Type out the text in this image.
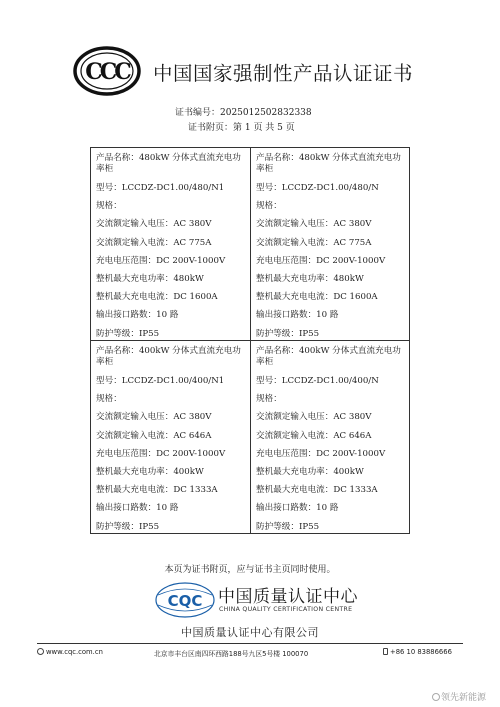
CCC 中国国家强制性产品认证证书
证书编号：2025012502832338
证书附页：第 1 页 共 5 页
产品名称：480kW 分体式直流充电功率柜
型号：LCCDZ-DC1.00/480/N1
规格：
交流额定输入电压：AC 380V
交流额定输入电流：AC 775A
充电电压范围：DC 200V-1000V
整机最大充电功率：480kW
整机最大充电电流：DC 1600A
输出接口路数：10 路
防护等级：IP55
产品名称：480kW 分体式直流充电功率柜
型号：LCCDZ-DC1.00/480/N
规格：
交流额定输入电压：AC 380V
交流额定输入电流：AC 775A
充电电压范围：DC 200V-1000V
整机最大充电功率：480kW
整机最大充电电流：DC 1600A
输出接口路数：10 路
防护等级：IP55
产品名称：400kW 分体式直流充电功率柜
型号：LCCDZ-DC1.00/400/N1
规格：
交流额定输入电压：AC 380V
交流额定输入电流：AC 646A
充电电压范围：DC 200V-1000V
整机最大充电功率：400kW
整机最大充电电流：DC 1333A
输出接口路数：10 路
防护等级：IP55
产品名称：400kW 分体式直流充电功率柜
型号：LCCDZ-DC1.00/400/N
规格：
交流额定输入电压：AC 380V
交流额定输入电流：AC 646A
充电电压范围：DC 200V-1000V
整机最大充电功率：400kW
整机最大充电电流：DC 1333A
输出接口路数：10 路
防护等级：IP55
本页为证书附页，应与证书主页同时使用。
CQC 中国质量认证中心
CHINA QUALITY CERTIFICATION CENTRE
中国质量认证中心有限公司
www.cqc.com.cn	北京市丰台区南四环西路188号九区5号楼 100070	+86 10 83886666
领先新能源
